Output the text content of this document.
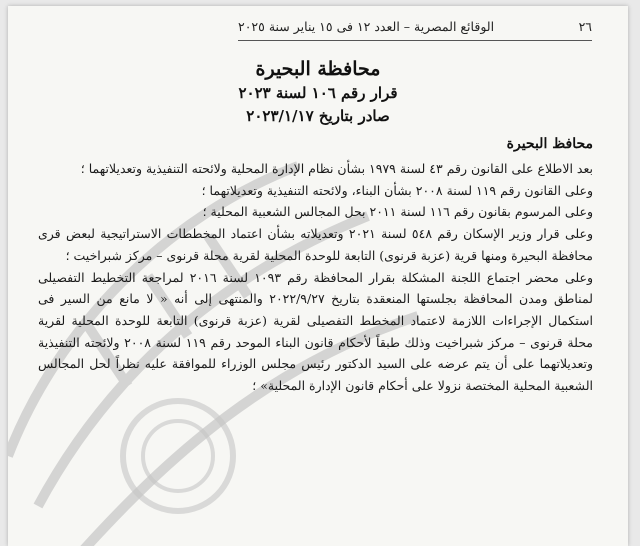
٢٦
الوقائع المصرية – العدد ١٢ فى ١٥ يناير سنة ٢٠٢٥
محافظة البحيرة
قرار رقم ١٠٦ لسنة ٢٠٢٣
صادر بتاريخ ٢٠٢٣/١/١٧
محافظ البحيرة

بعد الاطلاع على القانون رقم ٤٣ لسنة ١٩٧٩ بشأن نظام الإدارة المحلية ولائحته التنفيذية وتعديلاتهما ؛

وعلى القانون رقم ١١٩ لسنة ٢٠٠٨ بشأن البناء، ولائحته التنفيذية وتعديلاتهما ؛

وعلى المرسوم بقانون رقم ١١٦ لسنة ٢٠١١ بحل المجالس الشعبية المحلية ؛

وعلى قرار وزير الإسكان رقم ٥٤٨ لسنة ٢٠٢١ وتعديلاته بشأن اعتماد المخططات الاستراتيجية لبعض قرى محافظة البحيرة ومنها قرية (عزبة قرنوى) التابعة للوحدة المحلية لقرية محلة قرنوى – مركز شبراخيت ؛

وعلى محضر اجتماع اللجنة المشكلة بقرار المحافظة رقم ١٠٩٣ لسنة ٢٠١٦ لمراجعة التخطيط التفصيلى لمناطق ومدن المحافظة بجلستها المنعقدة بتاريخ ٢٠٢٢/٩/٢٧ والمنتهى إلى أنه « لا مانع من السير فى استكمال الإجراءات اللازمة لاعتماد المخطط التفصيلى لقرية (عزبة قرنوى) التابعة للوحدة المحلية لقرية محلة قرنوى – مركز شبراخيت وذلك طبقاً لأحكام قانون البناء الموحد رقم ١١٩ لسنة ٢٠٠٨ ولائحته التنفيذية وتعديلاتهما على أن يتم عرضه على السيد الدكتور رئيس مجلس الوزراء للموافقة عليه نظراً لحل المجالس الشعبية المحلية المختصة نزولا على أحكام قانون الإدارة المحلية» ؛
